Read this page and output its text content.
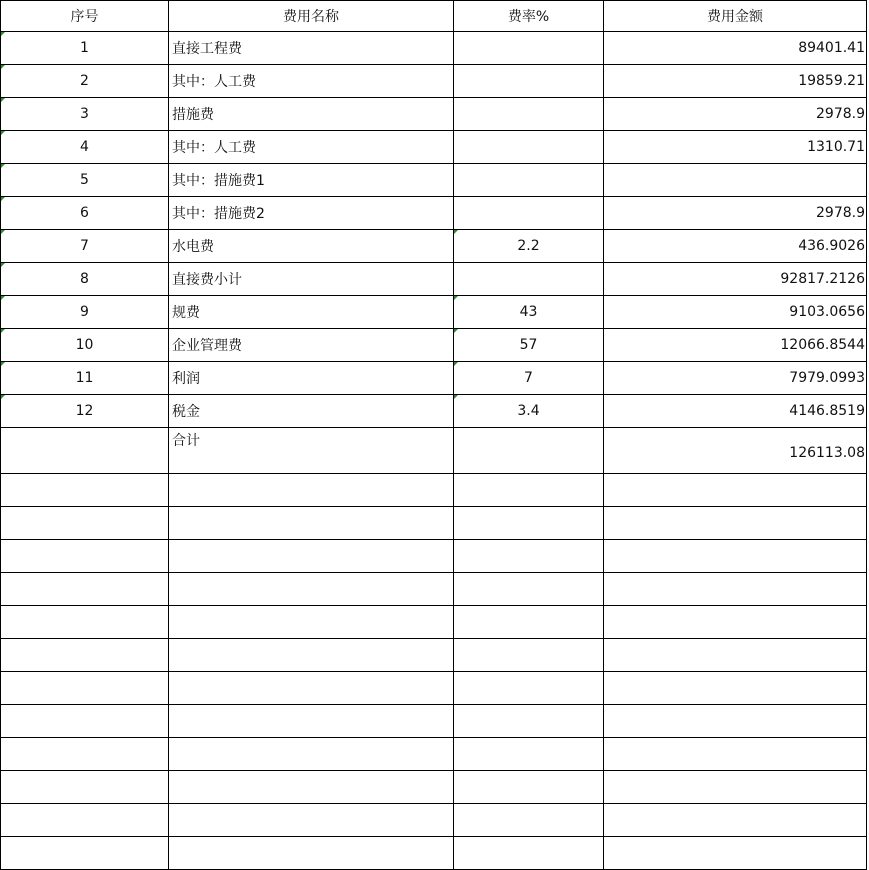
序号	费用名称	费率%	费用金额	
1	直接工程费		89401.41	
2	其中：人工费		19859.21	
3	措施费		2978.9	
4	其中：人工费		1310.71	
5	其中：措施费1			
6	其中：措施费2		2978.9	
7	水电费	2.2	436.9026	
8	直接费小计		92817.2126	
9	规费	43	9103.0656	
10	企业管理费	57	12066.8544	
11	利润	7	7979.0993	
12	税金	3.4	4146.8519	
	合计		126113.08	
